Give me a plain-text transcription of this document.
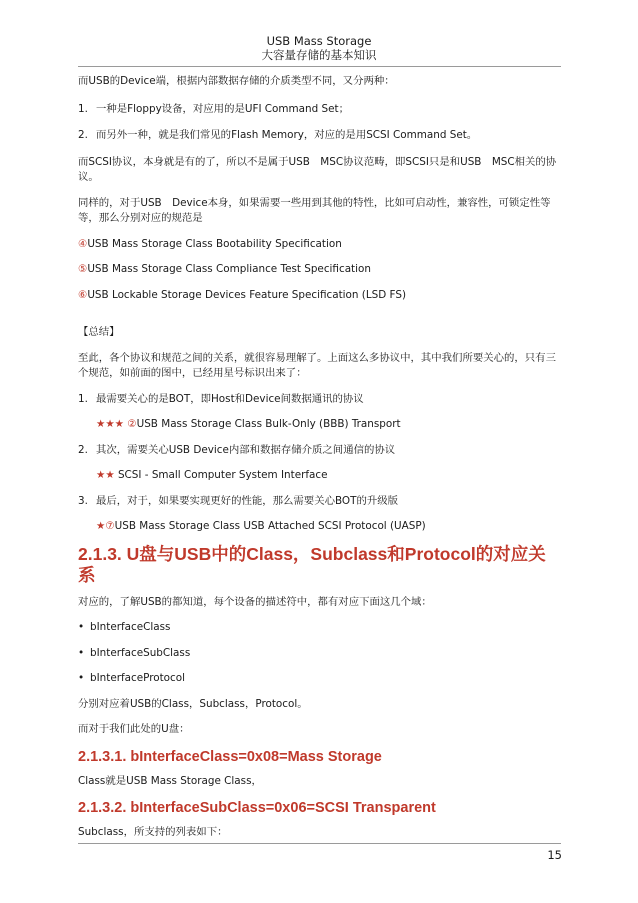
USB Mass Storage
大容量存储的基本知识

而USB的Device端，根据内部数据存储的介质类型不同，又分两种：

1. 一种是Floppy设备，对应用的是UFI Command Set；

2. 而另外一种，就是我们常见的Flash Memory，对应的是用SCSI Command Set。

而SCSI协议，本身就是有的了，所以不是属于USB　MSC协议范畴，即SCSI只是和USB　MSC相关的协议。

同样的，对于USB　Device本身，如果需要一些用到其他的特性，比如可启动性，兼容性，可锁定性等等，那么分别对应的规范是

④USB Mass Storage Class Bootability Specification

⑤USB Mass Storage Class Compliance Test Specification

⑥USB Lockable Storage Devices Feature Specification (LSD FS)

【总结】

至此，各个协议和规范之间的关系，就很容易理解了。上面这么多协议中，其中我们所要关心的，只有三个规范，如前面的图中，已经用星号标识出来了：

1. 最需要关心的是BOT，即Host和Device间数据通讯的协议

★★★ ②USB Mass Storage Class Bulk-Only (BBB) Transport

2. 其次，需要关心USB Device内部和数据存储介质之间通信的协议

★★ SCSI - Small Computer System Interface

3. 最后，对于，如果要实现更好的性能，那么需要关心BOT的升级版

★⑦USB Mass Storage Class USB Attached SCSI Protocol (UASP)

2.1.3. U盘与USB中的Class，Subclass和Protocol的对应关系

对应的，了解USB的都知道，每个设备的描述符中，都有对应下面这几个域：

• bInterfaceClass

• bInterfaceSubClass

• bInterfaceProtocol

分别对应着USB的Class，Subclass，Protocol。

而对于我们此处的U盘：

2.1.3.1. bInterfaceClass=0x08=Mass Storage

Class就是USB Mass Storage Class，

2.1.3.2. bInterfaceSubClass=0x06=SCSI Transparent

Subclass，所支持的列表如下：

15
